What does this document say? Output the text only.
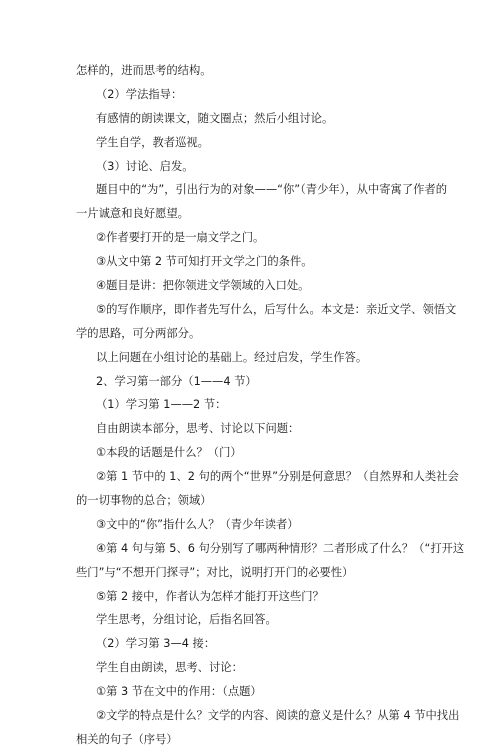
怎样的，进而思考的结构。
（2）学法指导：
有感情的朗读课文，随文圈点；然后小组讨论。
学生自学，教者巡视。
（3）讨论、启发。
题目中的“为”，引出行为的对象——“你”（青少年），从中寄寓了作者的
一片诚意和良好愿望。
②作者要打开的是一扇文学之门。
③从文中第 2 节可知打开文学之门的条件。
④题目是讲：把你领进文学领域的入口处。
⑤的写作顺序，即作者先写什么，后写什么。本文是：亲近文学、领悟文
学的思路，可分两部分。
以上问题在小组讨论的基础上。经过启发，学生作答。
2、学习第一部分（1——4 节）
（1）学习第 1——2 节：
自由朗读本部分，思考、讨论以下问题：
①本段的话题是什么？（门）
②第 1 节中的 1、2 句的两个“世界”分别是何意思？（自然界和人类社会
的一切事物的总合；领域）
③文中的“你”指什么人？（青少年读者）
④第 4 句与第 5、6 句分别写了哪两种情形？二者形成了什么？（“打开这
些门”与“不想开门探寻”；对比，说明打开门的必要性）
⑤第 2 接中，作者认为怎样才能打开这些门？
学生思考，分组讨论，后指名回答。
（2）学习第 3—4 接：
学生自由朗读，思考、讨论：
①第 3 节在文中的作用：（点题）
②文学的特点是什么？文学的内容、阅读的意义是什么？从第 4 节中找出
相关的句子（序号）
